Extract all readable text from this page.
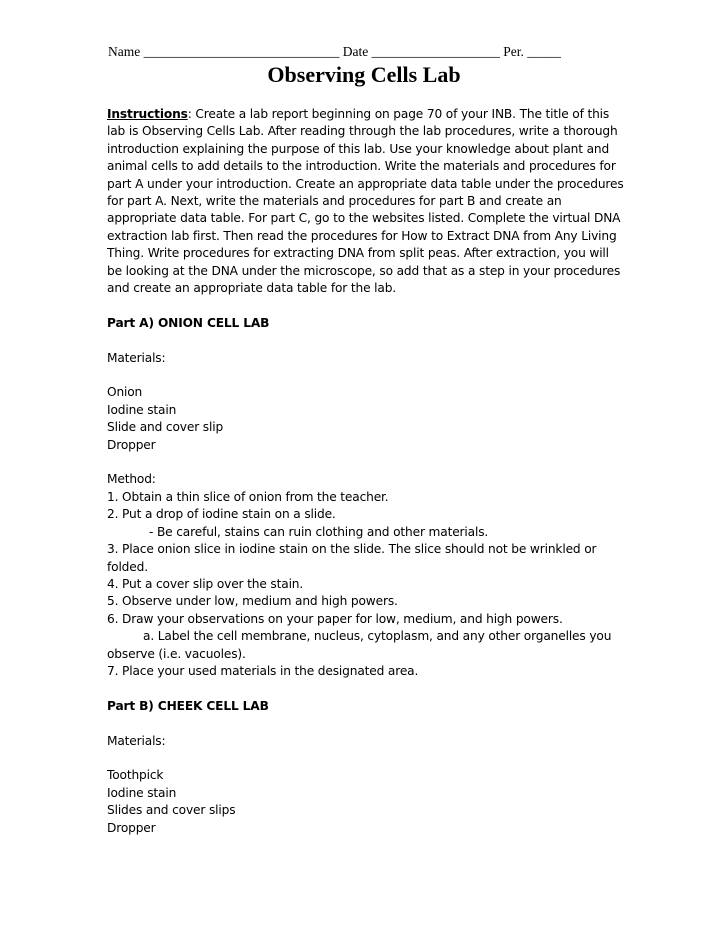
Name _____________________________ Date ___________________ Per. _____
Observing Cells Lab

Instructions: Create a lab report beginning on page 70 of your INB. The title of this lab is Observing Cells Lab. After reading through the lab procedures, write a thorough introduction explaining the purpose of this lab. Use your knowledge about plant and animal cells to add details to the introduction. Write the materials and procedures for part A under your introduction. Create an appropriate data table under the procedures for part A. Next, write the materials and procedures for part B and create an appropriate data table. For part C, go to the websites listed. Complete the virtual DNA extraction lab first. Then read the procedures for How to Extract DNA from Any Living Thing. Write procedures for extracting DNA from split peas. After extraction, you will be looking at the DNA under the microscope, so add that as a step in your procedures and create an appropriate data table for the lab.

Part A) ONION CELL LAB

Materials:

Onion

Iodine stain

Slide and cover slip

Dropper

Method:

1. Obtain a thin slice of onion from the teacher.

2. Put a drop of iodine stain on a slide.

- Be careful, stains can ruin clothing and other materials.

3. Place onion slice in iodine stain on the slide. The slice should not be wrinkled or folded.

4. Put a cover slip over the stain.

5. Observe under low, medium and high powers.

6. Draw your observations on your paper for low, medium, and high powers.

a. Label the cell membrane, nucleus, cytoplasm, and any other organelles you

observe (i.e. vacuoles).

7. Place your used materials in the designated area.

Part B) CHEEK CELL LAB

Materials:

Toothpick

Iodine stain

Slides and cover slips

Dropper
